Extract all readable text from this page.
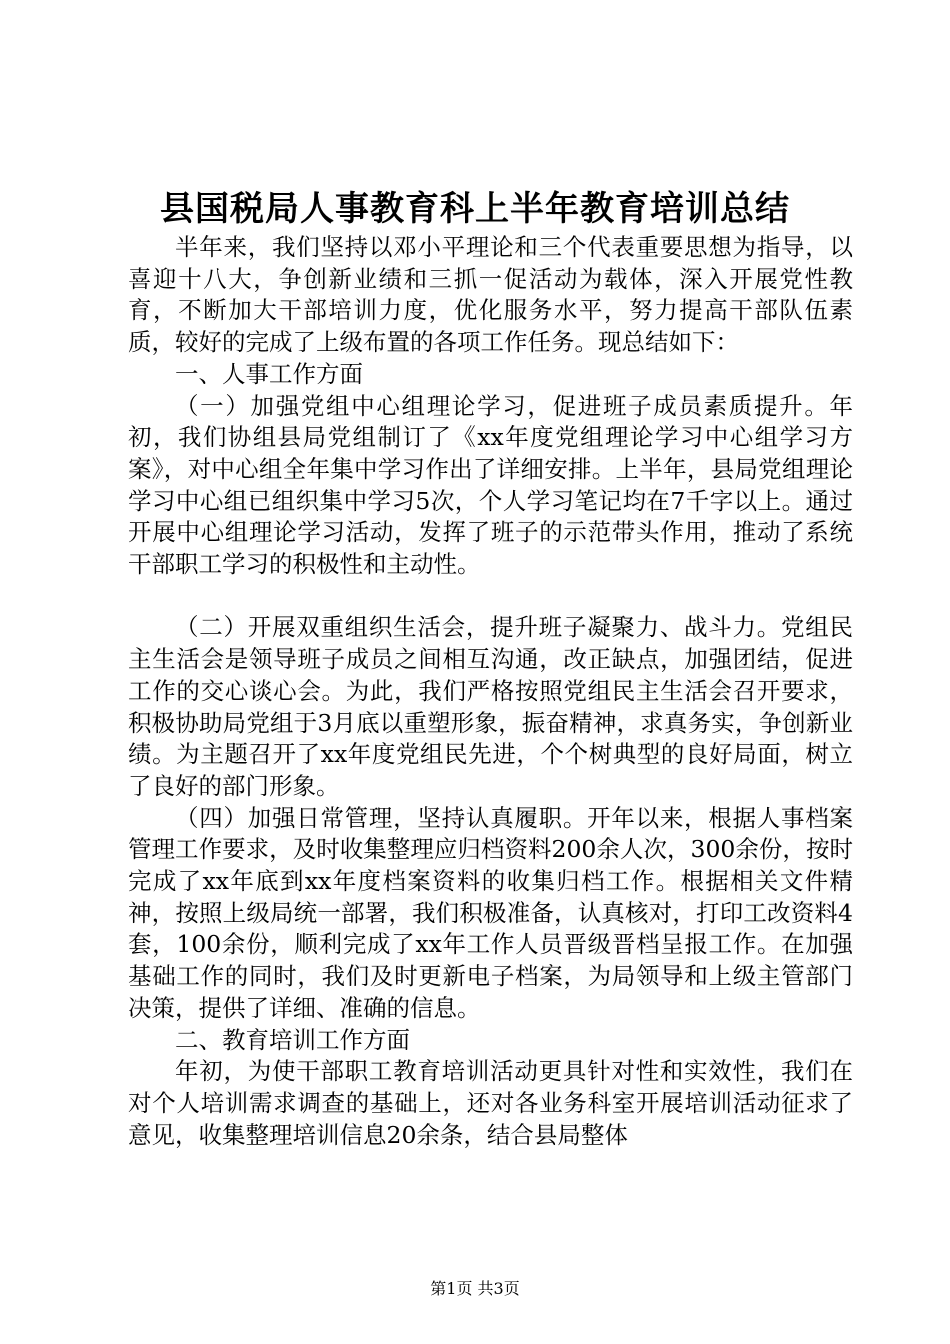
县国税局人事教育科上半年教育培训总结

半年来，我们坚持以邓小平理论和三个代表重要思想为指导，以喜迎十八大，争创新业绩和三抓一促活动为载体，深入开展党性教育，不断加大干部培训力度，优化服务水平，努力提高干部队伍素质，较好的完成了上级布置的各项工作任务。现总结如下：

一、人事工作方面

（一）加强党组中心组理论学习，促进班子成员素质提升。年初，我们协组县局党组制订了《xx年度党组理论学习中心组学习方案》，对中心组全年集中学习作出了详细安排。上半年，县局党组理论学习中心组已组织集中学习5次，个人学习笔记均在7千字以上。通过开展中心组理论学习活动，发挥了班子的示范带头作用，推动了系统干部职工学习的积极性和主动性。

（二）开展双重组织生活会，提升班子凝聚力、战斗力。党组民主生活会是领导班子成员之间相互沟通，改正缺点，加强团结，促进工作的交心谈心会。为此，我们严格按照党组民主生活会召开要求，积极协助局党组于3月底以重塑形象，振奋精神，求真务实，争创新业绩。为主题召开了xx年度党组民先进，个个树典型的良好局面，树立了良好的部门形象。

（四）加强日常管理，坚持认真履职。开年以来，根据人事档案管理工作要求，及时收集整理应归档资料200余人次，300余份，按时完成了xx年底到xx年度档案资料的收集归档工作。根据相关文件精神，按照上级局统一部署，我们积极准备，认真核对，打印工改资料4套，100余份，顺利完成了xx年工作人员晋级晋档呈报工作。在加强基础工作的同时，我们及时更新电子档案，为局领导和上级主管部门决策，提供了详细、准确的信息。

二、教育培训工作方面

年初，为使干部职工教育培训活动更具针对性和实效性，我们在对个人培训需求调查的基础上，还对各业务科室开展培训活动征求了意见，收集整理培训信息20余条，结合县局整体

第1页 共3页
